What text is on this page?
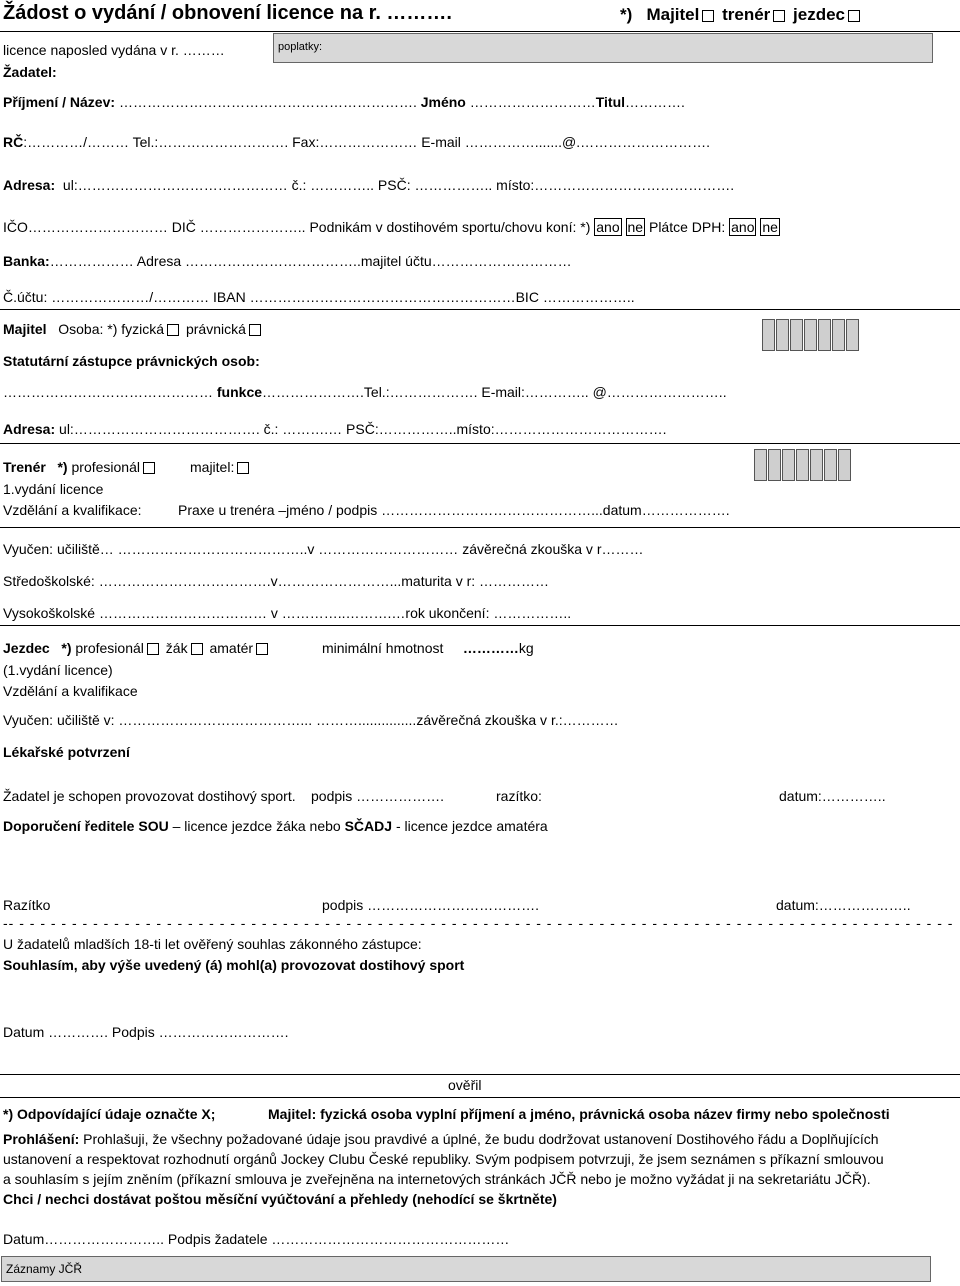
Žádost o vydání / obnovení licence na r. ……….	*) Majitel trenér jezdec
licence naposled vydána v r. ………	poplatky:
Žadatel:
Příjmení / Název: ………………………………………………………. Jméno ………………………Titul………….
RČ:…………/……… Tel.:………………………. Fax:………………… E-mail …………….......@.……………………….
Adresa: ul:……………………………………… č.: ………….. PSČ: …………….. místo:…………………………………….
IČO………………………… DIČ ………………….. Podnikám v dostihovém sportu/chovu koní: *) ano ne Plátce DPH: ano ne
Banka:……………… Adresa ………………………………..majitel účtu…………………………
Č.účtu: …………………/………… IBAN …………………………………………………BIC ………………..
Majitel Osoba: *) fyzická právnická
Statutární zástupce právnických osob:
……………………………………… funkce………………….Tel.:………………. E-mail:………….. @……………………..
Adresa: ul:…………………………………. č.: ……….… PSČ:……………..místo:……………………………….
Trenér *) profesionál	majitel:
1.vydání licence
Vzdělání a kvalifikace:	Praxe u trenéra –jméno / podpis ………………………………………...datum……………….
Vyučen: učiliště… …………………………………..v ………………………… závěrečná zkouška v r………
Středoškolské: ……………………………….v……………………...maturita v r: ……………
Vysokoškolské ……………………………… v …………..……….…rok ukončení: ……………..
Jezdec *) profesionál žák amatér	minimální hmotnost …………kg
(1.vydání licence)
Vzdělání a kvalifikace
Vyučen: učiliště v: …………………………………... ………...............závěrečná zkouška v r.:…………
Lékařské potvrzení
Žadatel je schopen provozovat dostihový sport. podpis ……………….	razítko:	datum:…………..
Doporučení ředitele SOU – licence jezdce žáka nebo SČADJ - licence jezdce amatéra
Razítko	podpis ……………………………….	datum:………………..
-- - - - - - - - - - - - - - - - - - - - - - - - - - - - - - - - - - - - - - - - - - - - - - - - - - - - - - - - - - - - - - - - - - - - - - - - - - - - - - - - - - - - - - - - - -
U žadatelů mladších 18-ti let ověřený souhlas zákonného zástupce:
Souhlasím, aby výše uvedený (á) mohl(a) provozovat dostihový sport
Datum …………. Podpis ……………………….
ověřil
*) Odpovídající údaje označte X;	Majitel: fyzická osoba vyplní příjmení a jméno, právnická osoba název firmy nebo společnosti
Prohlášení: Prohlašuji, že všechny požadované údaje jsou pravdivé a úplné, že budu dodržovat ustanovení Dostihového řádu a Doplňujících
ustanovení a respektovat rozhodnutí orgánů Jockey Clubu České republiky. Svým podpisem potvrzuji, že jsem seznámen s příkazní smlouvou
a souhlasím s jejím zněním (příkazní smlouva je zveřejněna na internetových stránkách JČŘ nebo je možno vyžádat ji na sekretariátu JČŘ).
Chci / nechci dostávat poštou měsíční vyúčtování a přehledy (nehodící se škrtněte)
Datum…………………….. Podpis žadatele ……………………………………………
Záznamy JČŘ
